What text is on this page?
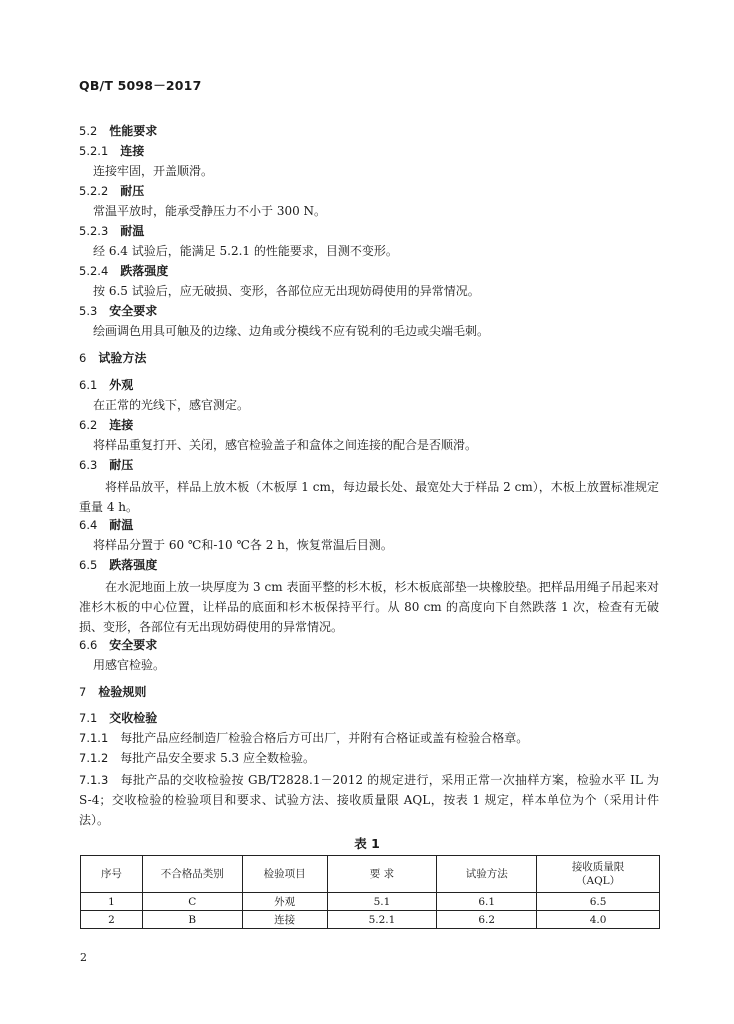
QB/T 5098－2017
5.2 性能要求
5.2.1 连接
连接牢固，开盖顺滑。
5.2.2 耐压
常温平放时，能承受静压力不小于 300 N。
5.2.3 耐温
经 6.4 试验后，能满足 5.2.1 的性能要求，目测不变形。
5.2.4 跌落强度
按 6.5 试验后，应无破损、变形，各部位应无出现妨碍使用的异常情况。
5.3 安全要求
绘画调色用具可触及的边缘、边角或分模线不应有锐利的毛边或尖端毛刺。
6 试验方法
6.1 外观
在正常的光线下，感官测定。
6.2 连接
将样品重复打开、关闭，感官检验盖子和盒体之间连接的配合是否顺滑。
6.3 耐压
将样品放平，样品上放木板（木板厚 1 cm，每边最长处、最宽处大于样品 2 cm），木板上放置标准规定重量 4 h。
6.4 耐温
将样品分置于 60 ℃和-10 ℃各 2 h，恢复常温后目测。
6.5 跌落强度
在水泥地面上放一块厚度为 3 cm 表面平整的杉木板，杉木板底部垫一块橡胶垫。把样品用绳子吊起来对准杉木板的中心位置，让样品的底面和杉木板保持平行。从 80 cm 的高度向下自然跌落 1 次，检查有无破损、变形，各部位有无出现妨碍使用的异常情况。
6.6 安全要求
用感官检验。
7 检验规则
7.1 交收检验
7.1.1 每批产品应经制造厂检验合格后方可出厂，并附有合格证或盖有检验合格章。
7.1.2 每批产品安全要求 5.3 应全数检验。
7.1.3 每批产品的交收检验按 GB/T2828.1－2012 的规定进行，采用正常一次抽样方案，检验水平 IL 为 S-4；交收检验的检验项目和要求、试验方法、接收质量限 AQL，按表 1 规定，样本单位为个（采用计件法）。
表 1
序号	不合格品类别	检验项目	要 求	试验方法	接收质量限
（AQL）

1	C	外观	5.1	6.1	6.5
2	B	连接	5.2.1	6.2	4.0
2
